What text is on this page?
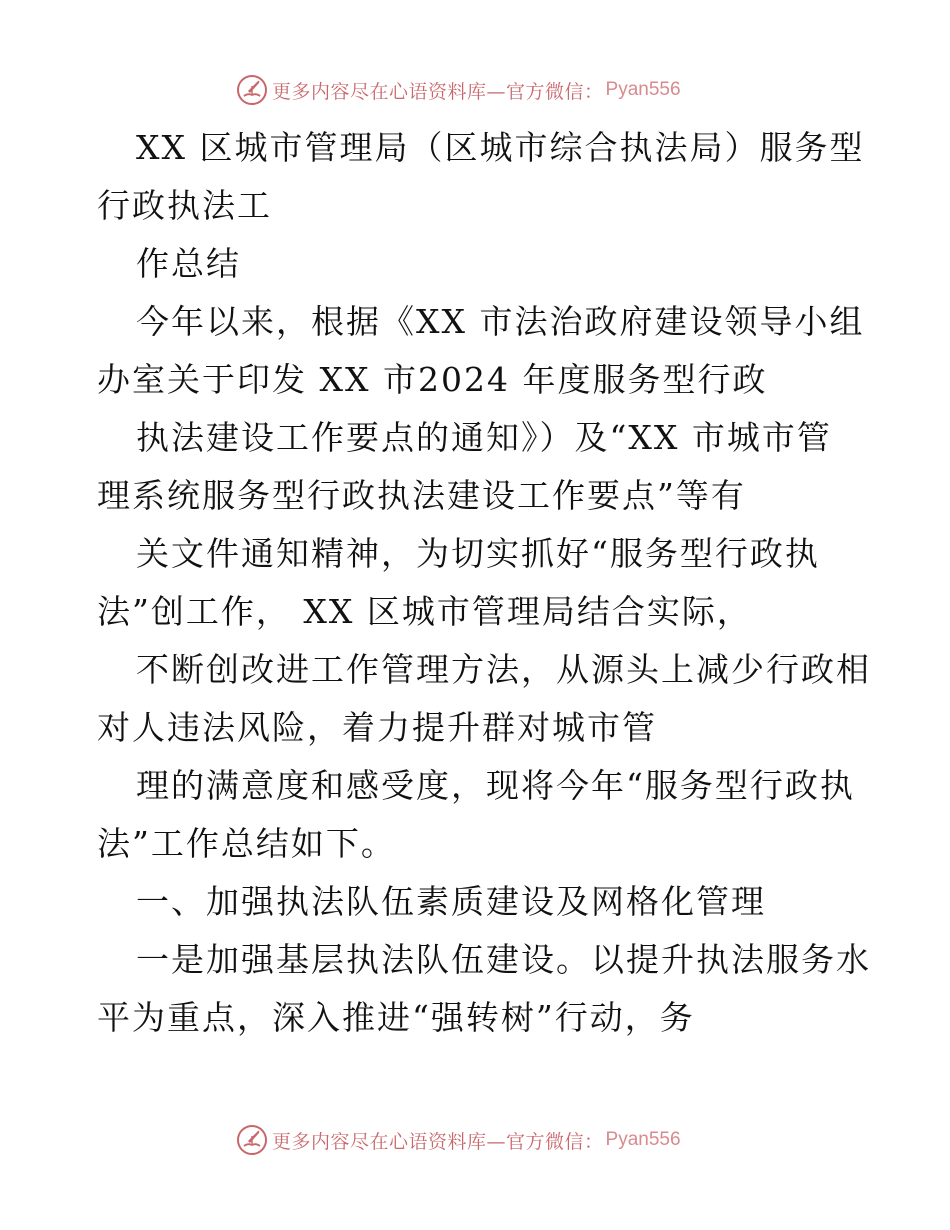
更多内容尽在心语资料库—官方微信： Pyan556
XX 区城市管理局（区城市综合执法局）服务型
行政执法工
作总结
今年以来，根据《XX 市法治政府建设领导小组
办室关于印发 XX 市2024 年度服务型行政
执法建设工作要点的通知》）及“XX 市城市管
理系统服务型行政执法建设工作要点”等有
关文件通知精神，为切实抓好“服务型行政执
法”创工作， XX 区城市管理局结合实际，
不断创改进工作管理方法，从源头上减少行政相
对人违法风险，着力提升群对城市管
理的满意度和感受度，现将今年“服务型行政执
法”工作总结如下。
一、加强执法队伍素质建设及网格化管理
一是加强基层执法队伍建设。以提升执法服务水
平为重点，深入推进“强转树”行动，务
更多内容尽在心语资料库—官方微信： Pyan556
